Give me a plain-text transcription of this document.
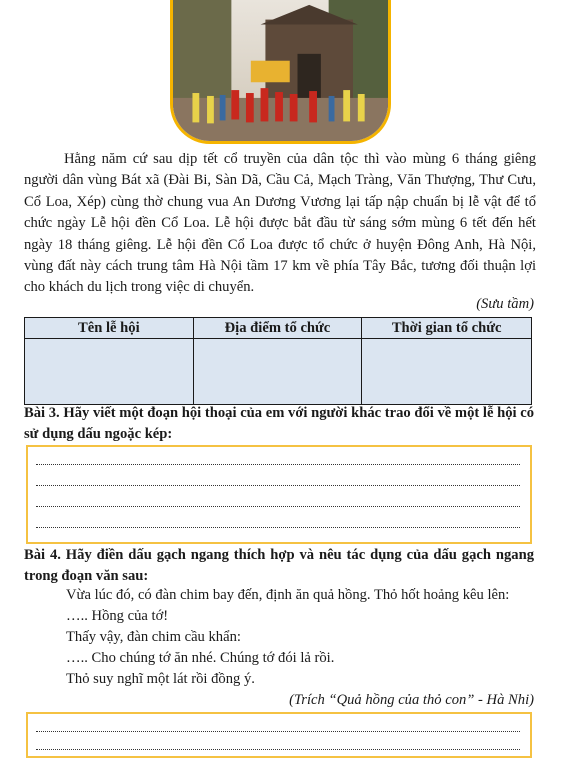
Hằng năm cứ sau dịp tết cổ truyền của dân tộc thì vào mùng 6 tháng giêng người dân vùng Bát xã (Đài Bi, Sàn Dã, Cầu Cả, Mạch Tràng, Văn Thượng, Thư Cưu, Cổ Loa, Xép) cùng thờ chung vua An Dương Vương lại tấp nập chuẩn bị lễ vật để tổ chức ngày Lễ hội đền Cổ Loa. Lễ hội được bắt đầu từ sáng sớm mùng 6 tết đến hết ngày 18 tháng giêng. Lễ hội đền Cổ Loa được tổ chức ở huyện Đông Anh, Hà Nội, vùng đất này cách trung tâm Hà Nội tầm 17 km về phía Tây Bắc, tương đối thuận lợi cho khách du lịch trong việc di chuyển.

(Sưu tầm)
Tên lễ hội	Địa điểm tổ chức	Thời gian tổ chức

Bài 3. Hãy viết một đoạn hội thoại của em với người khác trao đổi về một lễ hội có sử dụng dấu ngoặc kép:

Bài 4. Hãy điền dấu gạch ngang thích hợp và nêu tác dụng của dấu gạch ngang trong đoạn văn sau:

Vừa lúc đó, có đàn chim bay đến, định ăn quả hồng. Thỏ hốt hoảng kêu lên:
….. Hồng của tớ!
Thấy vậy, đàn chim cầu khẩn:
….. Cho chúng tớ ăn nhé. Chúng tớ đói lả rồi.
Thỏ suy nghĩ một lát rồi đồng ý.
(Trích “Quả hồng của thỏ con” - Hà Nhi)
